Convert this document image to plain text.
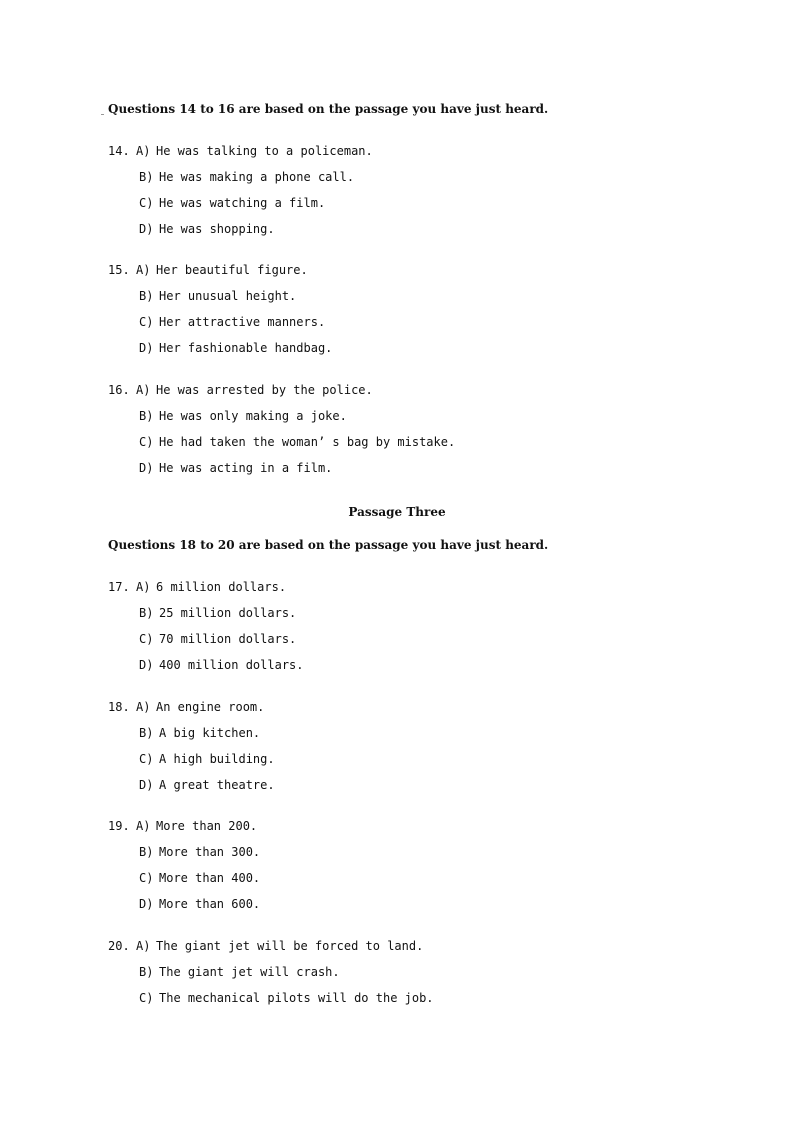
Questions 14 to 16 are based on the passage you have just heard.
14. A) He was talking to a policeman.
B) He was making a phone call.
C) He was watching a film.
D) He was shopping.
15. A) Her beautiful figure.
B) Her unusual height.
C) Her attractive manners.
D) Her fashionable handbag.
16. A) He was arrested by the police.
B) He was only making a joke.
C) He had taken the woman’ s bag by mistake.
D) He was acting in a film.
Passage Three
Questions 18 to 20 are based on the passage you have just heard.
17. A) 6 million dollars.
B) 25 million dollars.
C) 70 million dollars.
D) 400 million dollars.
18. A) An engine room.
B) A big kitchen.
C) A high building.
D) A great theatre.
19. A) More than 200.
B) More than 300.
C) More than 400.
D) More than 600.
20. A) The giant jet will be forced to land.
B) The giant jet will crash.
C) The mechanical pilots will do the job.
